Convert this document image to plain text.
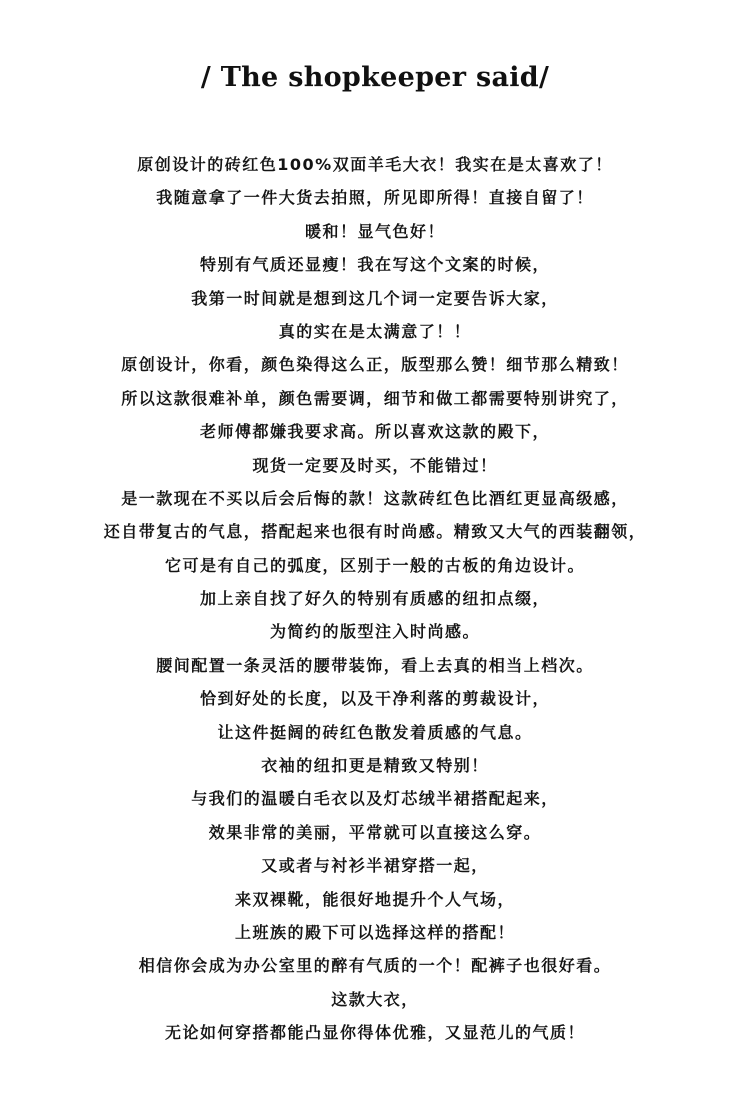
/ The shopkeeper said/
原创设计的砖红色100%双面羊毛大衣！我实在是太喜欢了！
我随意拿了一件大货去拍照，所见即所得！直接自留了！
暖和！显气色好！
特别有气质还显瘦！我在写这个文案的时候，
我第一时间就是想到这几个词一定要告诉大家，
真的实在是太满意了！！
原创设计，你看，颜色染得这么正，版型那么赞！细节那么精致！
所以这款很难补单，颜色需要调，细节和做工都需要特别讲究了，
老师傅都嫌我要求高。所以喜欢这款的殿下，
现货一定要及时买，不能错过！
是一款现在不买以后会后悔的款！这款砖红色比酒红更显高级感，
还自带复古的气息，搭配起来也很有时尚感。精致又大气的西装翻领，
它可是有自己的弧度，区别于一般的古板的角边设计。
加上亲自找了好久的特别有质感的纽扣点缀，
为简约的版型注入时尚感。
腰间配置一条灵活的腰带装饰，看上去真的相当上档次。
恰到好处的长度，以及干净利落的剪裁设计，
让这件挺阔的砖红色散发着质感的气息。
衣袖的纽扣更是精致又特别！
与我们的温暖白毛衣以及灯芯绒半裙搭配起来，
效果非常的美丽，平常就可以直接这么穿。
又或者与衬衫半裙穿搭一起，
来双裸靴，能很好地提升个人气场，
上班族的殿下可以选择这样的搭配！
相信你会成为办公室里的醉有气质的一个！配裤子也很好看。
这款大衣，
无论如何穿搭都能凸显你得体优雅，又显范儿的气质！
